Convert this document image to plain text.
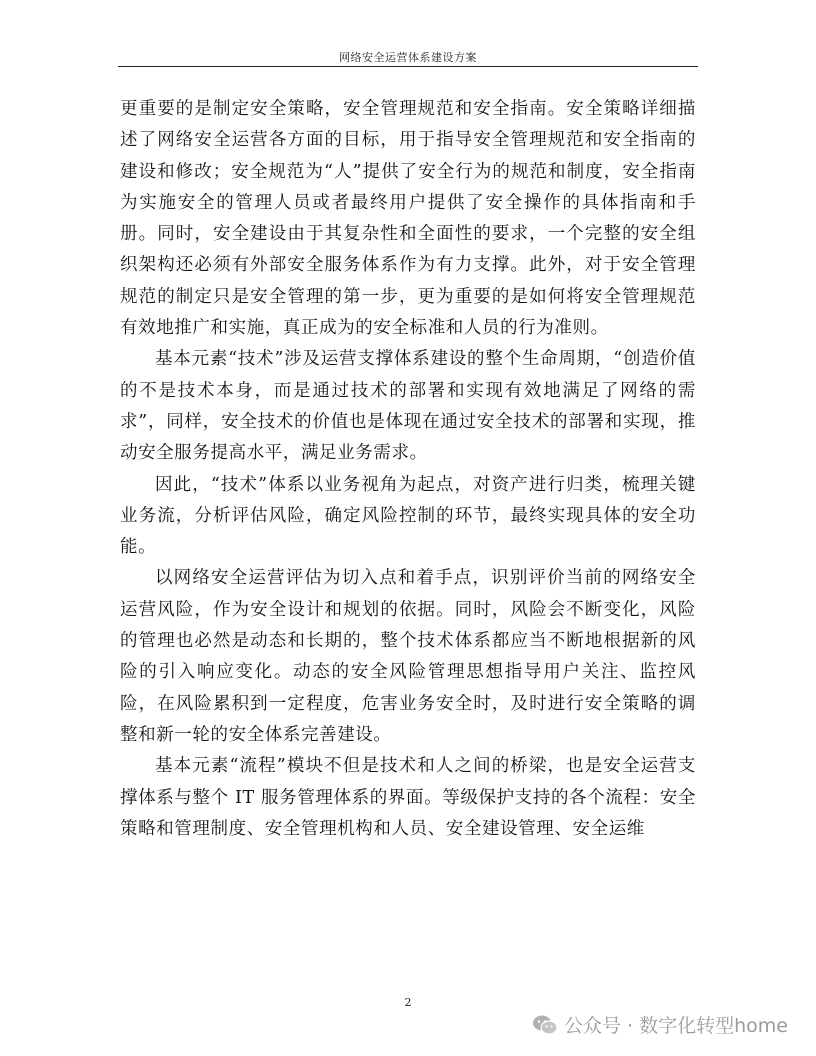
网络安全运营体系建设方案

更重要的是制定安全策略，安全管理规范和安全指南。安全策略详细描述了网络安全运营各方面的目标，用于指导安全管理规范和安全指南的建设和修改；安全规范为“人”提供了安全行为的规范和制度，安全指南为实施安全的管理人员或者最终用户提供了安全操作的具体指南和手册。同时，安全建设由于其复杂性和全面性的要求，一个完整的安全组织架构还必须有外部安全服务体系作为有力支撑。此外，对于安全管理规范的制定只是安全管理的第一步，更为重要的是如何将安全管理规范有效地推广和实施，真正成为的安全标准和人员的行为准则。

基本元素“技术”涉及运营支撑体系建设的整个生命周期，“创造价值的不是技术本身，而是通过技术的部署和实现有效地满足了网络的需求”，同样，安全技术的价值也是体现在通过安全技术的部署和实现，推动安全服务提高水平，满足业务需求。

因此，“技术”体系以业务视角为起点，对资产进行归类，梳理关键业务流，分析评估风险，确定风险控制的环节，最终实现具体的安全功能。

以网络安全运营评估为切入点和着手点，识别评价当前的网络安全运营风险，作为安全设计和规划的依据。同时，风险会不断变化，风险的管理也必然是动态和长期的，整个技术体系都应当不断地根据新的风险的引入响应变化。动态的安全风险管理思想指导用户关注、监控风险，在风险累积到一定程度，危害业务安全时，及时进行安全策略的调整和新一轮的安全体系完善建设。

基本元素“流程”模块不但是技术和人之间的桥梁，也是安全运营支撑体系与整个 IT 服务管理体系的界面。等级保护支持的各个流程：安全策略和管理制度、安全管理机构和人员、安全建设管理、安全运维

2
公众号 · 数字化转型home
